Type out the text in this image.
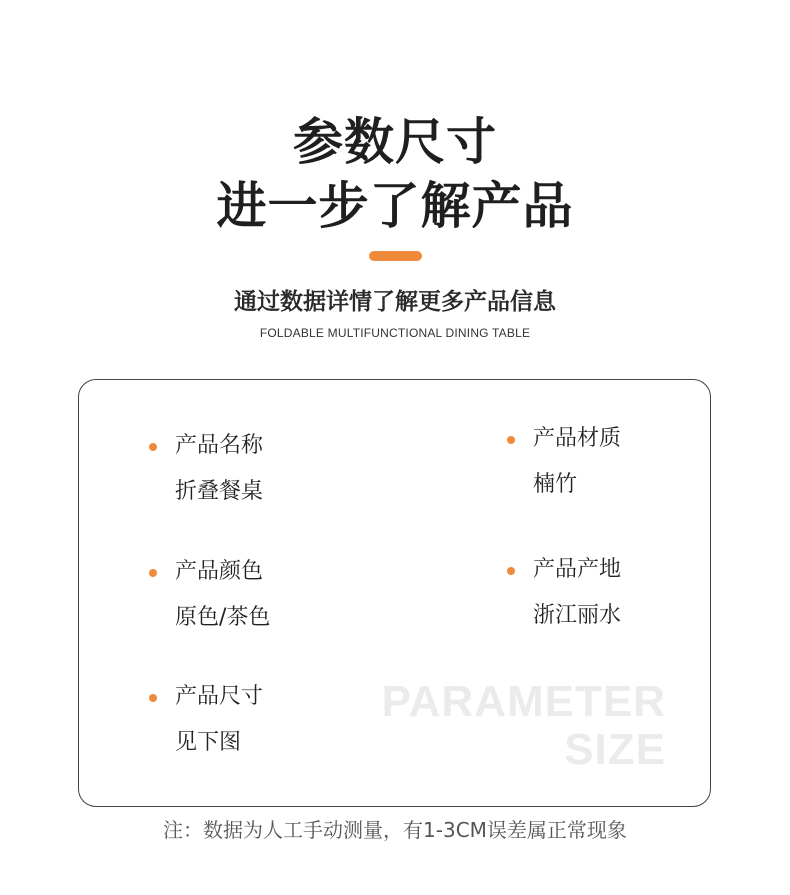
参数尺寸
进一步了解产品
通过数据详情了解更多产品信息
FOLDABLE MULTIFUNCTIONAL DINING TABLE
产品名称
折叠餐桌
产品材质
楠竹
产品颜色
原色/茶色
产品产地
浙江丽水
产品尺寸
见下图
PARAMETER
SIZE
注：数据为人工手动测量，有1-3CM误差属正常现象
